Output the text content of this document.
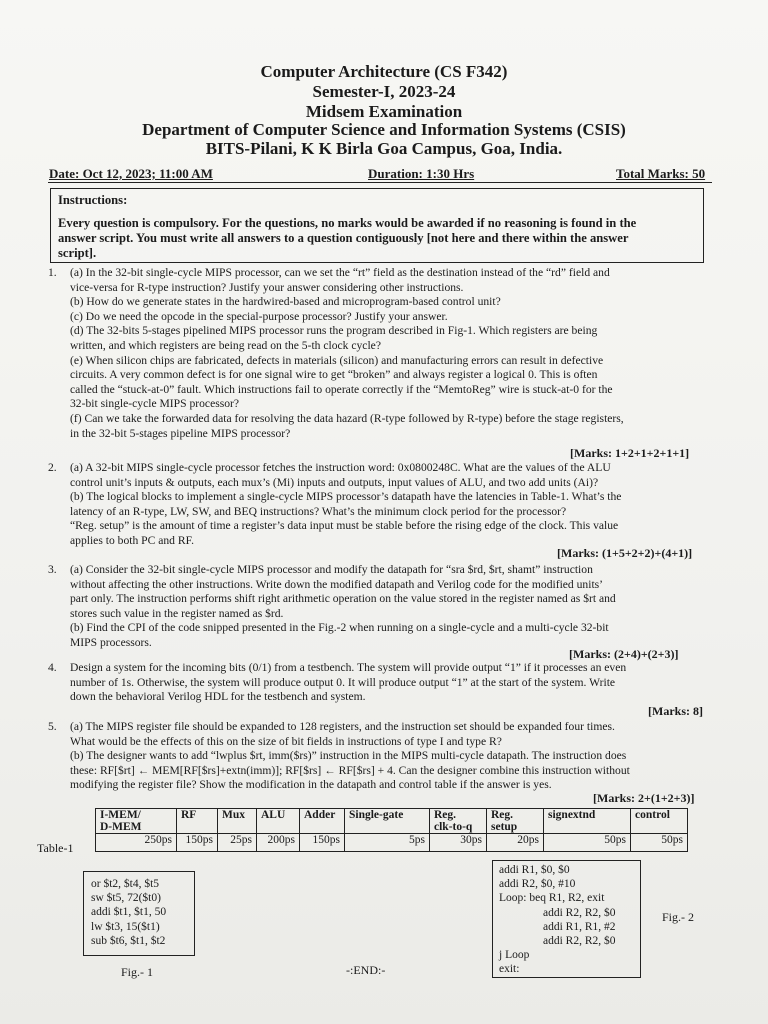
Computer Architecture (CS F342)
Semester-I, 2023-24
Midsem Examination
Department of Computer Science and Information Systems (CSIS)
BITS-Pilani, K K Birla Goa Campus, Goa, India.
Date: Oct 12, 2023; 11:00 AM	Duration: 1:30 Hrs	Total Marks: 50
Instructions:
Every question is compulsory. For the questions, no marks would be awarded if no reasoning is found in the
answer script. You must write all answers to a question contiguously [not here and there within the answer
script].
1. (a) In the 32-bit single-cycle MIPS processor, can we set the “rt” field as the destination instead of the “rd” field and
vice-versa for R-type instruction? Justify your answer considering other instructions.
(b) How do we generate states in the hardwired-based and microprogram-based control unit?
(c) Do we need the opcode in the special-purpose processor? Justify your answer.
(d) The 32-bits 5-stages pipelined MIPS processor runs the program described in Fig-1. Which registers are being
written, and which registers are being read on the 5-th clock cycle?
(e) When silicon chips are fabricated, defects in materials (silicon) and manufacturing errors can result in defective
circuits. A very common defect is for one signal wire to get “broken” and always register a logical 0. This is often
called the “stuck-at-0” fault. Which instructions fail to operate correctly if the “MemtoReg” wire is stuck-at-0 for the
32-bit single-cycle MIPS processor?
(f) Can we take the forwarded data for resolving the data hazard (R-type followed by R-type) before the stage registers,
in the 32-bit 5-stages pipeline MIPS processor?
[Marks: 1+2+1+2+1+1]
2. (a) A 32-bit MIPS single-cycle processor fetches the instruction word: 0x0800248C. What are the values of the ALU
control unit’s inputs & outputs, each mux’s (Mi) inputs and outputs, input values of ALU, and two add units (Ai)?
(b) The logical blocks to implement a single-cycle MIPS processor’s datapath have the latencies in Table-1. What’s the
latency of an R-type, LW, SW, and BEQ instructions? What’s the minimum clock period for the processor?
“Reg. setup” is the amount of time a register’s data input must be stable before the rising edge of the clock. This value
applies to both PC and RF.
[Marks: (1+5+2+2)+(4+1)]
3. (a) Consider the 32-bit single-cycle MIPS processor and modify the datapath for “sra $rd, $rt, shamt” instruction
without affecting the other instructions. Write down the modified datapath and Verilog code for the modified units’
part only. The instruction performs shift right arithmetic operation on the value stored in the register named as $rt and
stores such value in the register named as $rd.
(b) Find the CPI of the code snipped presented in the Fig.-2 when running on a single-cycle and a multi-cycle 32-bit
MIPS processors.
[Marks: (2+4)+(2+3)]
4. Design a system for the incoming bits (0/1) from a testbench. The system will provide output “1” if it processes an even
number of 1s. Otherwise, the system will produce output 0. It will produce output “1” at the start of the system. Write
down the behavioral Verilog HDL for the testbench and system.
[Marks: 8]
5. (a) The MIPS register file should be expanded to 128 registers, and the instruction set should be expanded four times.
What would be the effects of this on the size of bit fields in instructions of type I and type R?
(b) The designer wants to add “lwplus $rt, imm($rs)” instruction in the MIPS multi-cycle datapath. The instruction does
these: RF[$rt] ← MEM[RF[$rs]+extn(imm)]; RF[$rs] ← RF[$rs] + 4. Can the designer combine this instruction without
modifying the register file? Show the modification in the datapath and control table if the answer is yes.
[Marks: 2+(1+2+3)]
Table-1
I-MEM/
D-MEM	RF	Mux	ALU	Adder	Single-gate	Reg.
clk-to-q	Reg.
setup	signextnd	control
250ps	150ps	25ps	200ps	150ps	5ps	30ps	20ps	50ps	50ps
or $t2, $t4, $t5
sw $t5, 72($t0)
addi $t1, $t1, 50
lw $t3, 15($t1)
sub $t6, $t1, $t2
Fig.- 1	-:END:-
addi R1, $0, $0
addi R2, $0, #10
Loop: beq R1, R2, exit
addi R2, R2, $0
addi R1, R1, #2
addi R2, R2, $0
j Loop
exit:
Fig.- 2
